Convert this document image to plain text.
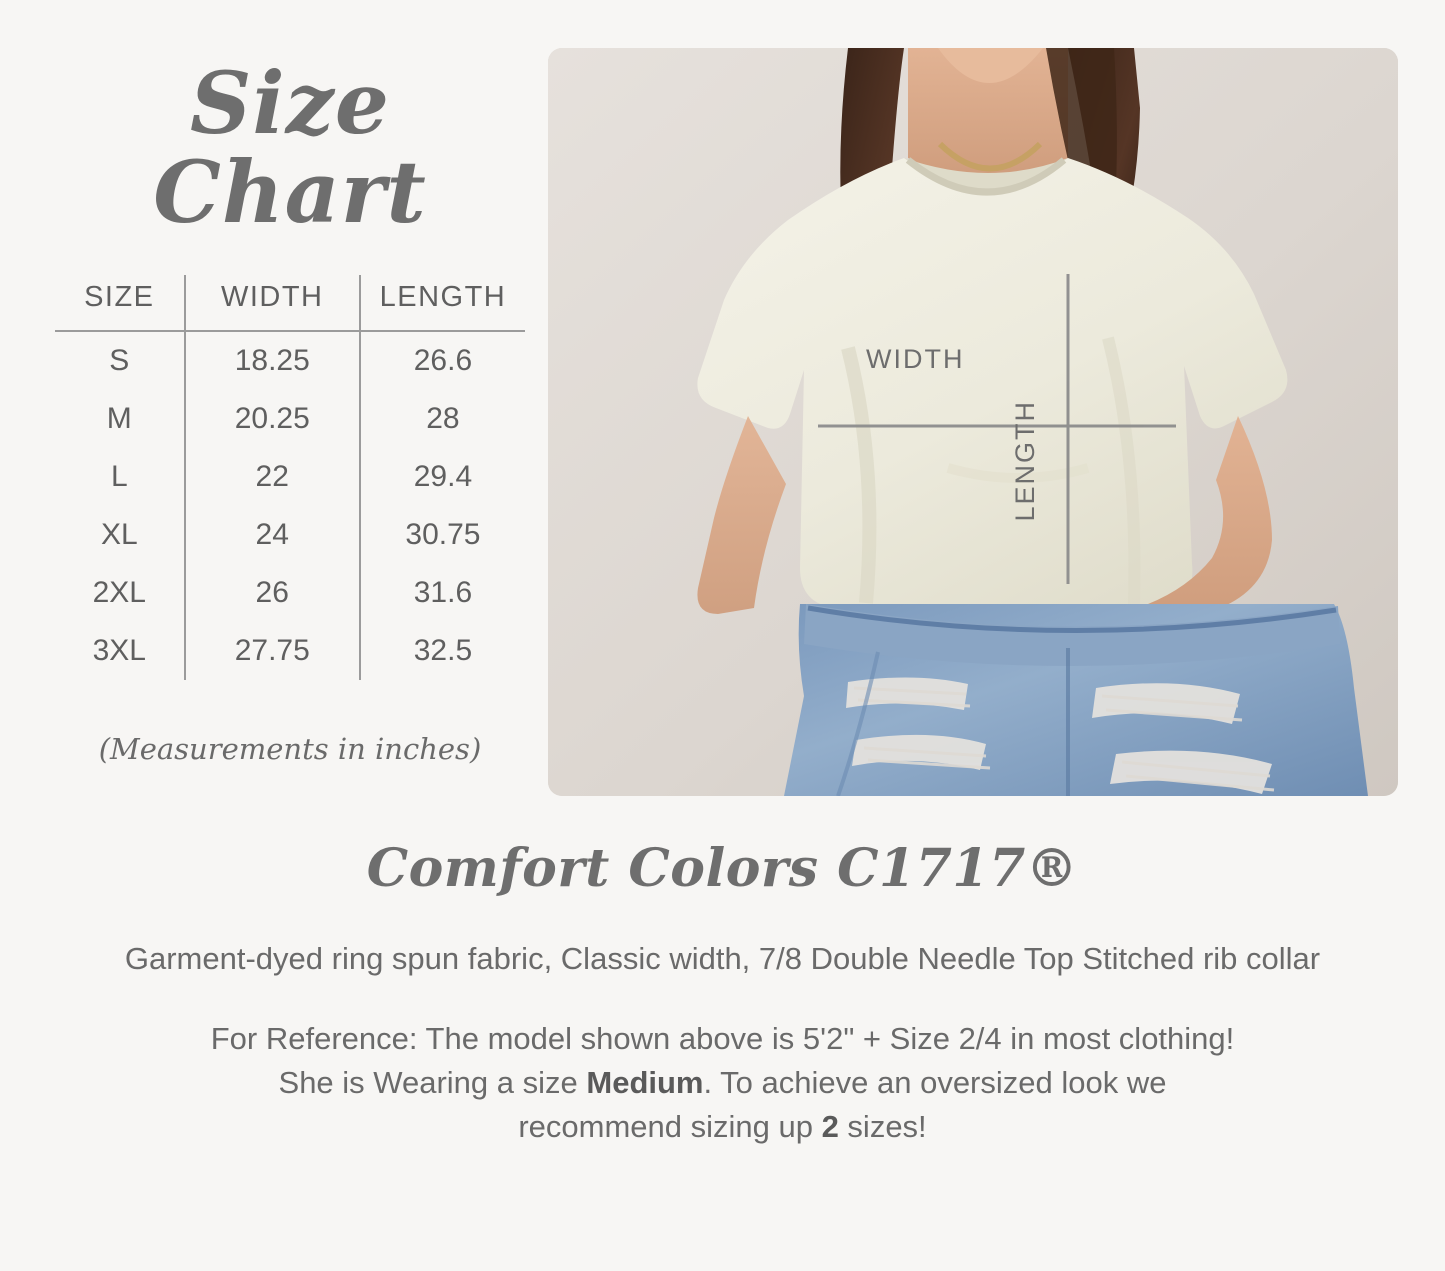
Size Chart
SIZE	WIDTH	LENGTH
S	18.25	26.6
M	20.25	28
L	22	29.4
XL	24	30.75
2XL	26	31.6
3XL	27.75	32.5
(Measurements in inches)
WIDTH
LENGTH
Comfort Colors C1717®
Garment-dyed ring spun fabric, Classic width, 7/8 Double Needle Top Stitched rib collar
For Reference: The model shown above is 5'2" + Size 2/4 in most clothing!
She is Wearing a size Medium. To achieve an oversized look we
recommend sizing up 2 sizes!
